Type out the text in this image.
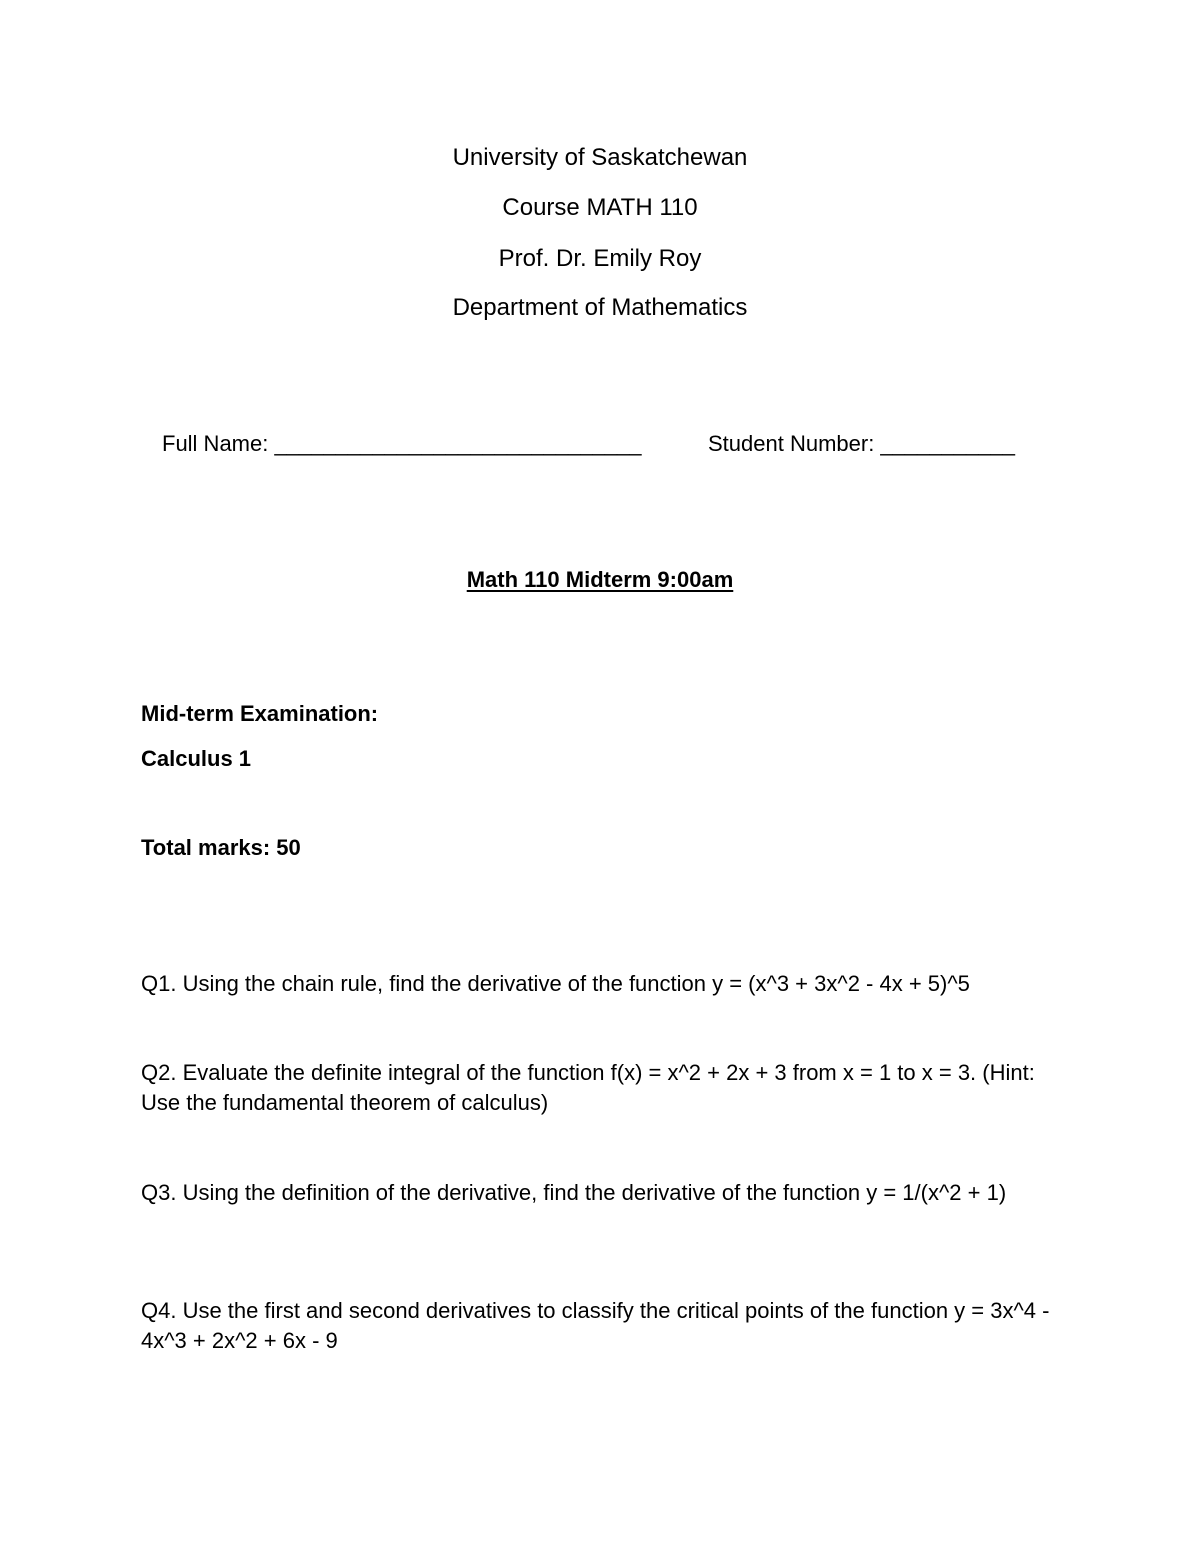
University of Saskatchewan
Course MATH 110
Prof. Dr. Emily Roy
Department of Mathematics
Full Name: ______________________________	Student Number: ___________
Math 110 Midterm 9:00am
Mid-term Examination:
Calculus 1
Total marks: 50
Q1. Using the chain rule, find the derivative of the function y = (x^3 + 3x^2 - 4x + 5)^5
Q2. Evaluate the definite integral of the function f(x) = x^2 + 2x + 3 from x = 1 to x = 3. (Hint: Use the fundamental theorem of calculus)
Q3. Using the definition of the derivative, find the derivative of the function y = 1/(x^2 + 1)
Q4. Use the first and second derivatives to classify the critical points of the function y = 3x^4 - 4x^3 + 2x^2 + 6x - 9
